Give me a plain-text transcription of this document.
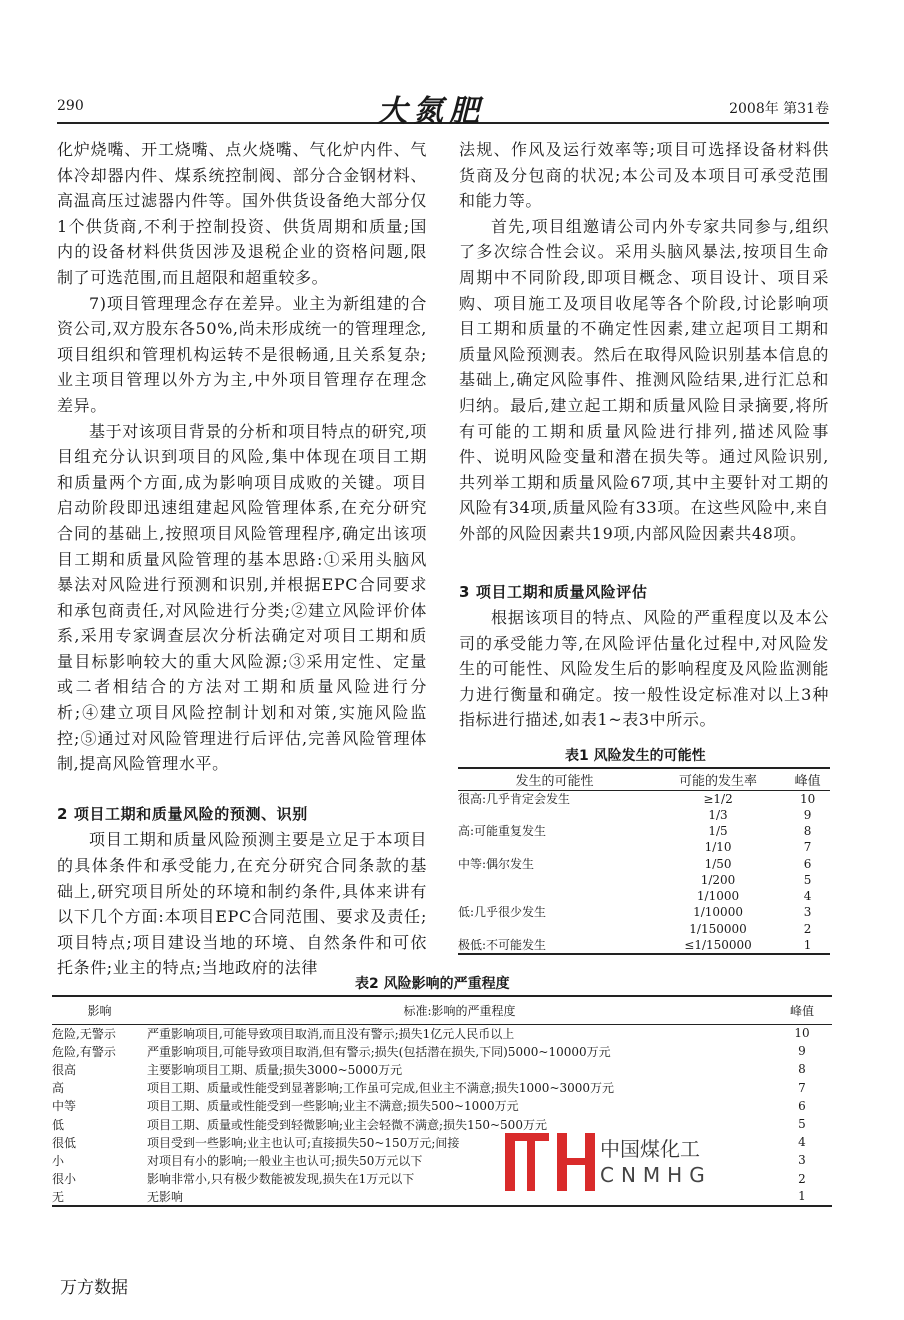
290	大氮肥	2008年 第31卷

化炉烧嘴、开工烧嘴、点火烧嘴、气化炉内件、气体冷却器内件、煤系统控制阀、部分合金钢材料、高温高压过滤器内件等。国外供货设备绝大部分仅1个供货商,不利于控制投资、供货周期和质量;国内的设备材料供货因涉及退税企业的资格问题,限制了可选范围,而且超限和超重较多。

7)项目管理理念存在差异。业主为新组建的合资公司,双方股东各50%,尚未形成统一的管理理念,项目组织和管理机构运转不是很畅通,且关系复杂;业主项目管理以外方为主,中外项目管理存在理念差异。

基于对该项目背景的分析和项目特点的研究,项目组充分认识到项目的风险,集中体现在项目工期和质量两个方面,成为影响项目成败的关键。项目启动阶段即迅速组建起风险管理体系,在充分研究合同的基础上,按照项目风险管理程序,确定出该项目工期和质量风险管理的基本思路:①采用头脑风暴法对风险进行预测和识别,并根据EPC合同要求和承包商责任,对风险进行分类;②建立风险评价体系,采用专家调查层次分析法确定对项目工期和质量目标影响较大的重大风险源;③采用定性、定量或二者相结合的方法对工期和质量风险进行分析;④建立项目风险控制计划和对策,实施风险监控;⑤通过对风险管理进行后评估,完善风险管理体制,提高风险管理水平。

2 项目工期和质量风险的预测、识别

项目工期和质量风险预测主要是立足于本项目的具体条件和承受能力,在充分研究合同条款的基础上,研究项目所处的环境和制约条件,具体来讲有以下几个方面:本项目EPC合同范围、要求及责任;项目特点;项目建设当地的环境、自然条件和可依托条件;业主的特点;当地政府的法律

法规、作风及运行效率等;项目可选择设备材料供货商及分包商的状况;本公司及本项目可承受范围和能力等。

首先,项目组邀请公司内外专家共同参与,组织了多次综合性会议。采用头脑风暴法,按项目生命周期中不同阶段,即项目概念、项目设计、项目采购、项目施工及项目收尾等各个阶段,讨论影响项目工期和质量的不确定性因素,建立起项目工期和质量风险预测表。然后在取得风险识别基本信息的基础上,确定风险事件、推测风险结果,进行汇总和归纳。最后,建立起工期和质量风险目录摘要,将所有可能的工期和质量风险进行排列,描述风险事件、说明风险变量和潜在损失等。通过风险识别,共列举工期和质量风险67项,其中主要针对工期的风险有34项,质量风险有33项。在这些风险中,来自外部的风险因素共19项,内部风险因素共48项。

3 项目工期和质量风险评估

根据该项目的特点、风险的严重程度以及本公司的承受能力等,在风险评估量化过程中,对风险发生的可能性、风险发生后的影响程度及风险监测能力进行衡量和确定。按一般性设定标准对以上3种指标进行描述,如表1~表3中所示。

表1 风险发生的可能性
发生的可能性	可能的发生率	峰值
很高:几乎肯定会发生	≥1/2	10
	1/3	9
高:可能重复发生	1/5	8
	1/10	7
中等:偶尔发生	1/50	6
	1/200	5
	1/1000	4
低:几乎很少发生	1/10000	3
	1/150000	2
极低:不可能发生	≤1/150000	1
表2 风险影响的严重程度
影响	标准:影响的严重程度	峰值
危险,无警示	严重影响项目,可能导致项目取消,而且没有警示;损失1亿元人民币以上	10
危险,有警示	严重影响项目,可能导致项目取消,但有警示;损失(包括潜在损失,下同)5000~10000万元	9
很高	主要影响项目工期、质量;损失3000~5000万元	8
高	项目工期、质量或性能受到显著影响;工作虽可完成,但业主不满意;损失1000~3000万元	7
中等	项目工期、质量或性能受到一些影响;业主不满意;损失500~1000万元	6
低	项目工期、质量或性能受到轻微影响;业主会轻微不满意;损失150~500万元	5
很低	项目受到一些影响;业主也认可;直接损失50~150万元;间接	4
小	对项目有小的影响;一般业主也认可;损失50万元以下	3
很小	影响非常小,只有极少数能被发现,损失在1万元以下	2
无	无影响	1
中国煤化工
CNMHG
万方数据
